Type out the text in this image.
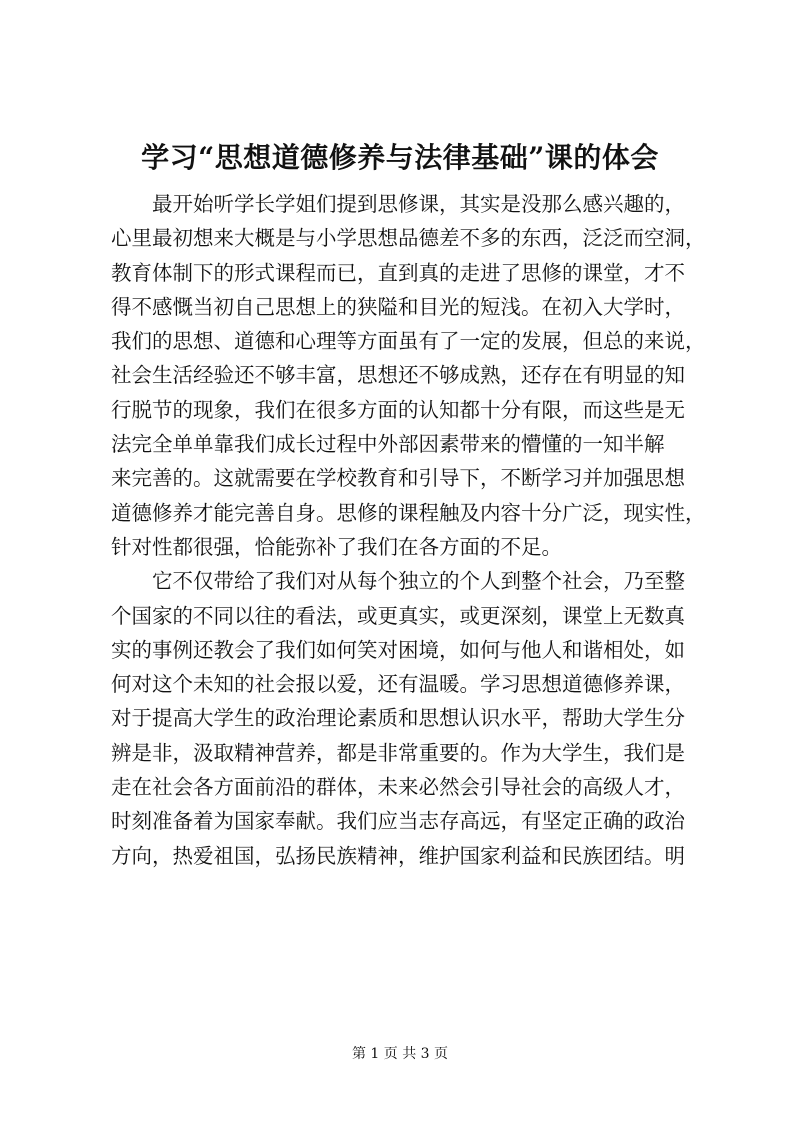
学习“思想道德修养与法律基础”课的体会
最开始听学长学姐们提到思修课，其实是没那么感兴趣的，
心里最初想来大概是与小学思想品德差不多的东西，泛泛而空洞，
教育体制下的形式课程而已，直到真的走进了思修的课堂，才不
得不感慨当初自己思想上的狭隘和目光的短浅。在初入大学时，
我们的思想、道德和心理等方面虽有了一定的发展，但总的来说，
社会生活经验还不够丰富，思想还不够成熟，还存在有明显的知
行脱节的现象，我们在很多方面的认知都十分有限，而这些是无
法完全单单靠我们成长过程中外部因素带来的懵懂的一知半解
来完善的。这就需要在学校教育和引导下，不断学习并加强思想
道德修养才能完善自身。思修的课程触及内容十分广泛，现实性，
针对性都很强，恰能弥补了我们在各方面的不足。
它不仅带给了我们对从每个独立的个人到整个社会，乃至整
个国家的不同以往的看法，或更真实，或更深刻，课堂上无数真
实的事例还教会了我们如何笑对困境，如何与他人和谐相处，如
何对这个未知的社会报以爱，还有温暖。学习思想道德修养课，
对于提高大学生的政治理论素质和思想认识水平，帮助大学生分
辨是非，汲取精神营养，都是非常重要的。作为大学生，我们是
走在社会各方面前沿的群体，未来必然会引导社会的高级人才，
时刻准备着为国家奉献。我们应当志存高远，有坚定正确的政治
方向，热爱祖国，弘扬民族精神，维护国家利益和民族团结。明
第 1 页 共 3 页
